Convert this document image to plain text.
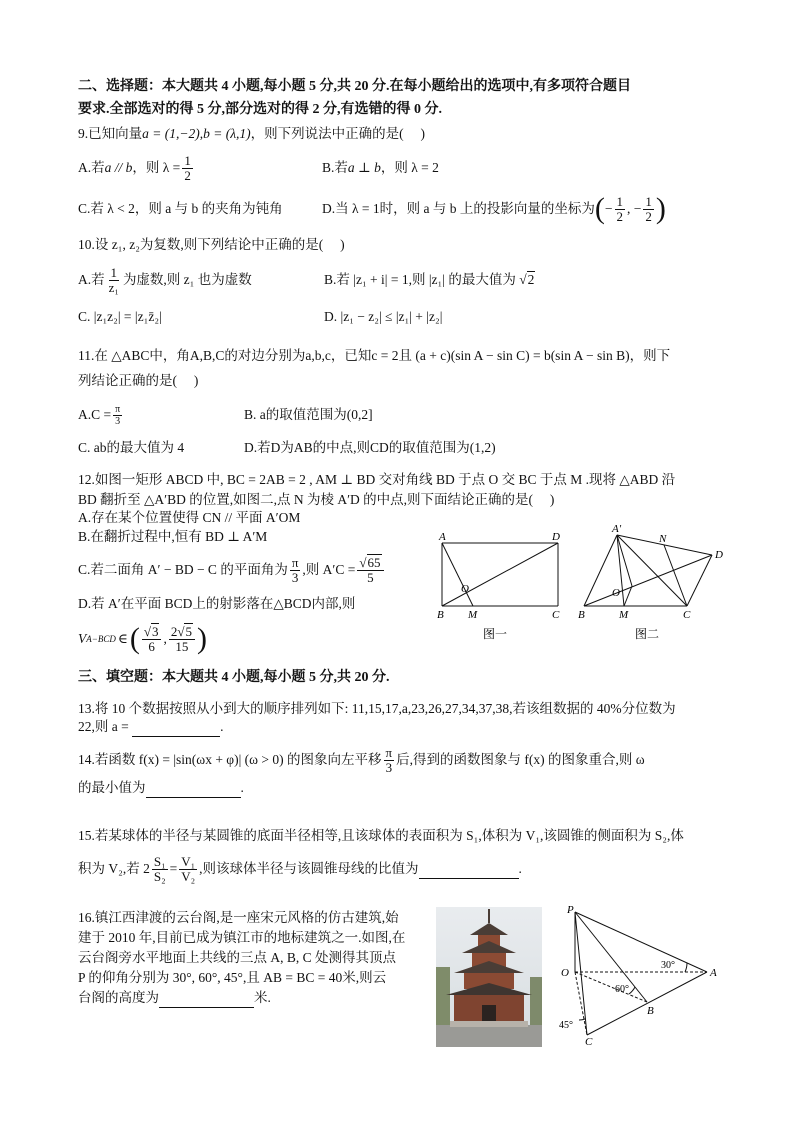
二、选择题：本大题共 4 小题,每小题 5 分,共 20 分.在每小题给出的选项中,有多项符合题目
要求.全部选对的得 5 分,部分选对的得 2 分,有选错的得 0 分.
9.已知向量a = (1,−2),b = (λ,1)，则下列说法中正确的是(　 )
A.若 a // b ，则 $\lambda = \frac{1}{2}$	B.若a ⊥ b，则 λ = 2
C.若 λ < 2，则 a 与 b 的夹角为钝角	D.当 λ = 1时，则 a 与 b 上的投影向量的坐标为 ( − $\frac{1}{2}$ , − $\frac{1}{2}$ )
10.设 z₁, z₂为复数,则下列结论中正确的是(　 )
A.若 $\frac{1}{\text{z₁}}$ 为虚数,则 z₁ 也为虚数	B.若 |z₁ + i| = 1,则 |z₁| 的最大值为 √2
C. |z₁z₂| = |z₁z̄₂|	D. |z₁ − z₂| ≤ |z₁| + |z₂|
11.在 △ABC中，角A,B,C的对边分别为a,b,c，已知c = 2且 (a + c)(sin A − sin C) = b(sin A − sin B)，则下
列结论正确的是(　 )
$A.C = \frac{\pi}{3}$	B. a的取值范围为(0,2]
C. ab的最大值为 4	D.若D为AB的中点,则CD的取值范围为(1,2)
12.如图一矩形 ABCD 中, BC = 2AB = 2 , AM ⊥ BD 交对角线 BD 于点 O 交 BC 于点 M .现将 △ABD 沿
BD 翻折至 △A′BD 的位置,如图二,点 N 为棱 A′D 的中点,则下面结论正确的是(　 )
A.存在某个位置使得 CN // 平面 A′OM
B.在翻折过程中,恒有 BD ⊥ A′M
C.若二面角 A′ − BD − C 的平面角为 $\frac{\pi}{3}$ ,则 $A'C = \frac{√65}{5}$
D.若 A′在平面 BCD上的射影落在△BCD内部,则
V A−BCD ∈ ( $\frac{√3}{6}$ , $\frac{2√5}{15}$ )
A	D
O
B M	C
图一
A′
N
D
O
B	M	C
图二
三、填空题：本大题共 4 小题,每小题 5 分,共 20 分.
13.将 10 个数据按照从小到大的顺序排列如下: 11,15,17,a,23,26,27,34,37,38,若该组数据的 40%分位数为
22,则 a =	.
14.若函数 f(x) = |sin(ωx + φ)| (ω > 0) 的图象向左平移 $\frac{\pi}{3}$ 后,得到的函数图象与 f(x) 的图象重合,则 ω
的最小值为	.
15.若某球体的半径与某圆锥的底面半径相等,且该球体的表面积为 S₁,体积为 V₁,该圆锥的侧面积为 S₂,体
积为 V₂,若 $2 \frac{\text{S₁}}{\text{S₂}} = \frac{\text{V₁}}{\text{V₂}}$ ,则该球体半径与该圆锥母线的比值为	.
16.镇江西津渡的云台阁,是一座宋元风格的仿古建筑,始
建于 2010 年,目前已成为镇江市的地标建筑之一.如图,在
云台阁旁水平地面上共线的三点 A, B, C 处测得其顶点
P 的仰角分别为 30°, 60°, 45°,且 AB = BC = 40米,则云
台阁的高度为	米.
P
O	A
B
C
30°
60°
45°
